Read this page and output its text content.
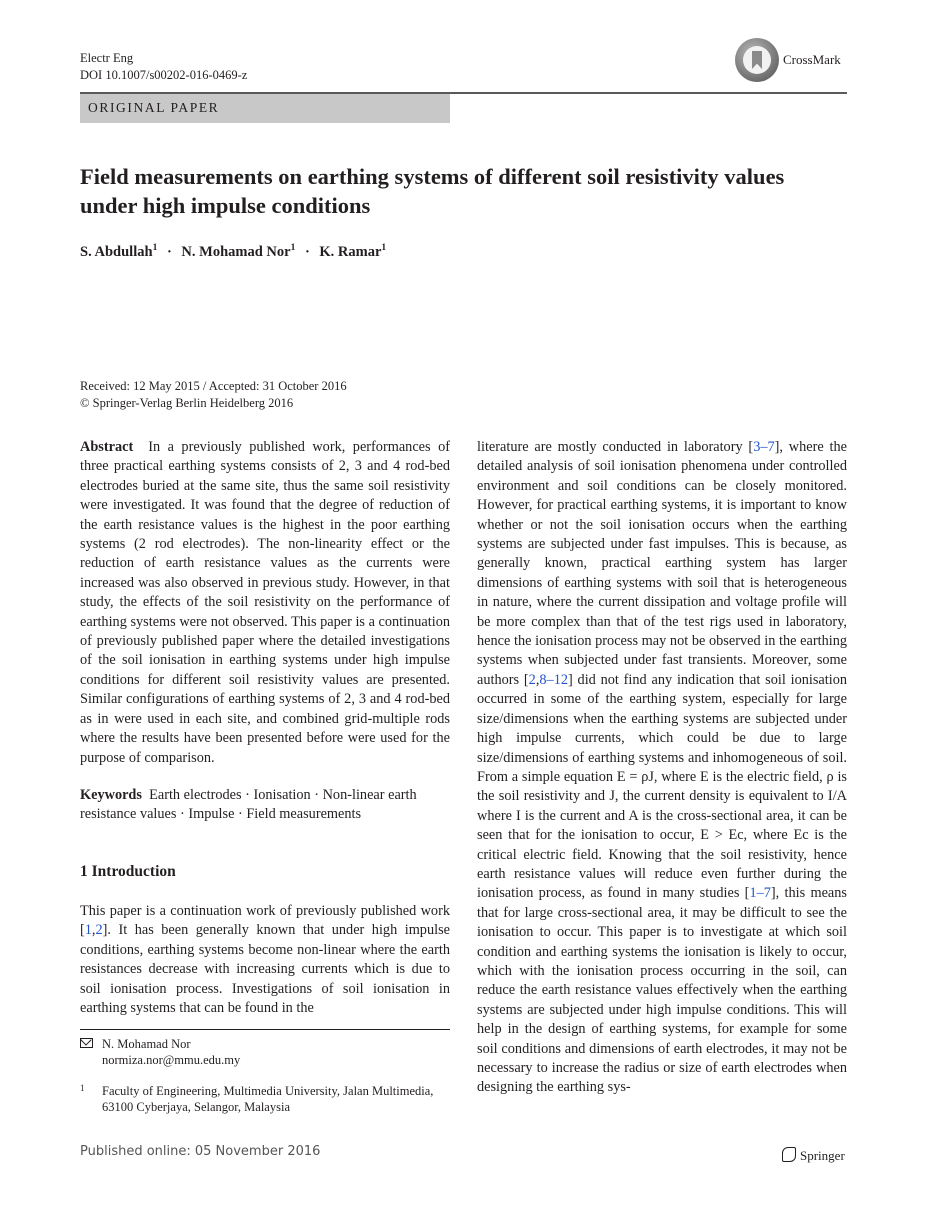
Electr Eng
DOI 10.1007/s00202-016-0469-z
CrossMark
ORIGINAL PAPER
Field measurements on earthing systems of different soil resistivity values under high impulse conditions
S. Abdullah$^1$ · N. Mohamad Nor$^1$ · K. Ramar$^1$
Received: 12 May 2015 / Accepted: 31 October 2016
© Springer-Verlag Berlin Heidelberg 2016

Abstract In a previously published work, performances of three practical earthing systems consists of 2, 3 and 4 rod-bed electrodes buried at the same site, thus the same soil resistivity were investigated. It was found that the degree of reduction of the earth resistance values is the highest in the poor earthing systems (2 rod electrodes). The non-linearity effect or the reduction of earth resistance values as the currents were increased was also observed in previous study. However, in that study, the effects of the soil resistivity on the performance of earthing systems were not observed. This paper is a continuation of previously published paper where the detailed investigations of the soil ionisation in earthing systems under high impulse conditions for different soil resistivity values are presented. Similar configurations of earthing systems of 2, 3 and 4 rod-bed as in were used in each site, and combined grid-multiple rods where the results have been presented before were used for the purpose of comparison.

Keywords Earth electrodes · Ionisation · Non-linear earth resistance values · Impulse · Field measurements

1 Introduction

This paper is a continuation work of previously published work [1,2]. It has been generally known that under high impulse conditions, earthing systems become non-linear where the earth resistances decrease with increasing currents which is due to soil ionisation process. Investigations of soil ionisation in earthing systems that can be found in the

N. Mohamad Nor
normiza.nor@mmu.edu.my
1 Faculty of Engineering, Multimedia University, Jalan Multimedia, 63100 Cyberjaya, Selangor, Malaysia

literature are mostly conducted in laboratory [3–7], where the detailed analysis of soil ionisation phenomena under controlled environment and soil conditions can be closely monitored. However, for practical earthing systems, it is important to know whether or not the soil ionisation occurs when the earthing systems are subjected under fast impulses. This is because, as generally known, practical earthing system has larger dimensions of earthing systems with soil that is heterogeneous in nature, where the current dissipation and voltage profile will be more complex than that of the test rigs used in laboratory, hence the ionisation process may not be observed in the earthing systems when subjected under fast transients. Moreover, some authors [2,8–12] did not find any indication that soil ionisation occurred in some of the earthing system, especially for large size/dimensions when the earthing systems are subjected under high impulse currents, which could be due to large size/dimensions of earthing systems and inhomogeneous of soil. From a simple equation E = ρJ, where E is the electric field, ρ is the soil resistivity and J, the current density is equivalent to I/A where I is the current and A is the cross-sectional area, it can be seen that for the ionisation to occur, E > Ec, where Ec is the critical electric field. Knowing that the soil resistivity, hence earth resistance values will reduce even further during the ionisation process, as found in many studies [1–7], this means that for large cross-sectional area, it may be difficult to see the ionisation to occur. This paper is to investigate at which soil condition and earthing systems the ionisation is likely to occur, which with the ionisation process occurring in the soil, can reduce the earth resistance values effectively when the earthing systems are subjected under high impulse conditions. This will help in the design of earthing systems, for example for some soil conditions and dimensions of earth electrodes, it may not be necessary to increase the radius or size of earth electrodes when designing the earthing sys-

Published online: 05 November 2016	Springer
